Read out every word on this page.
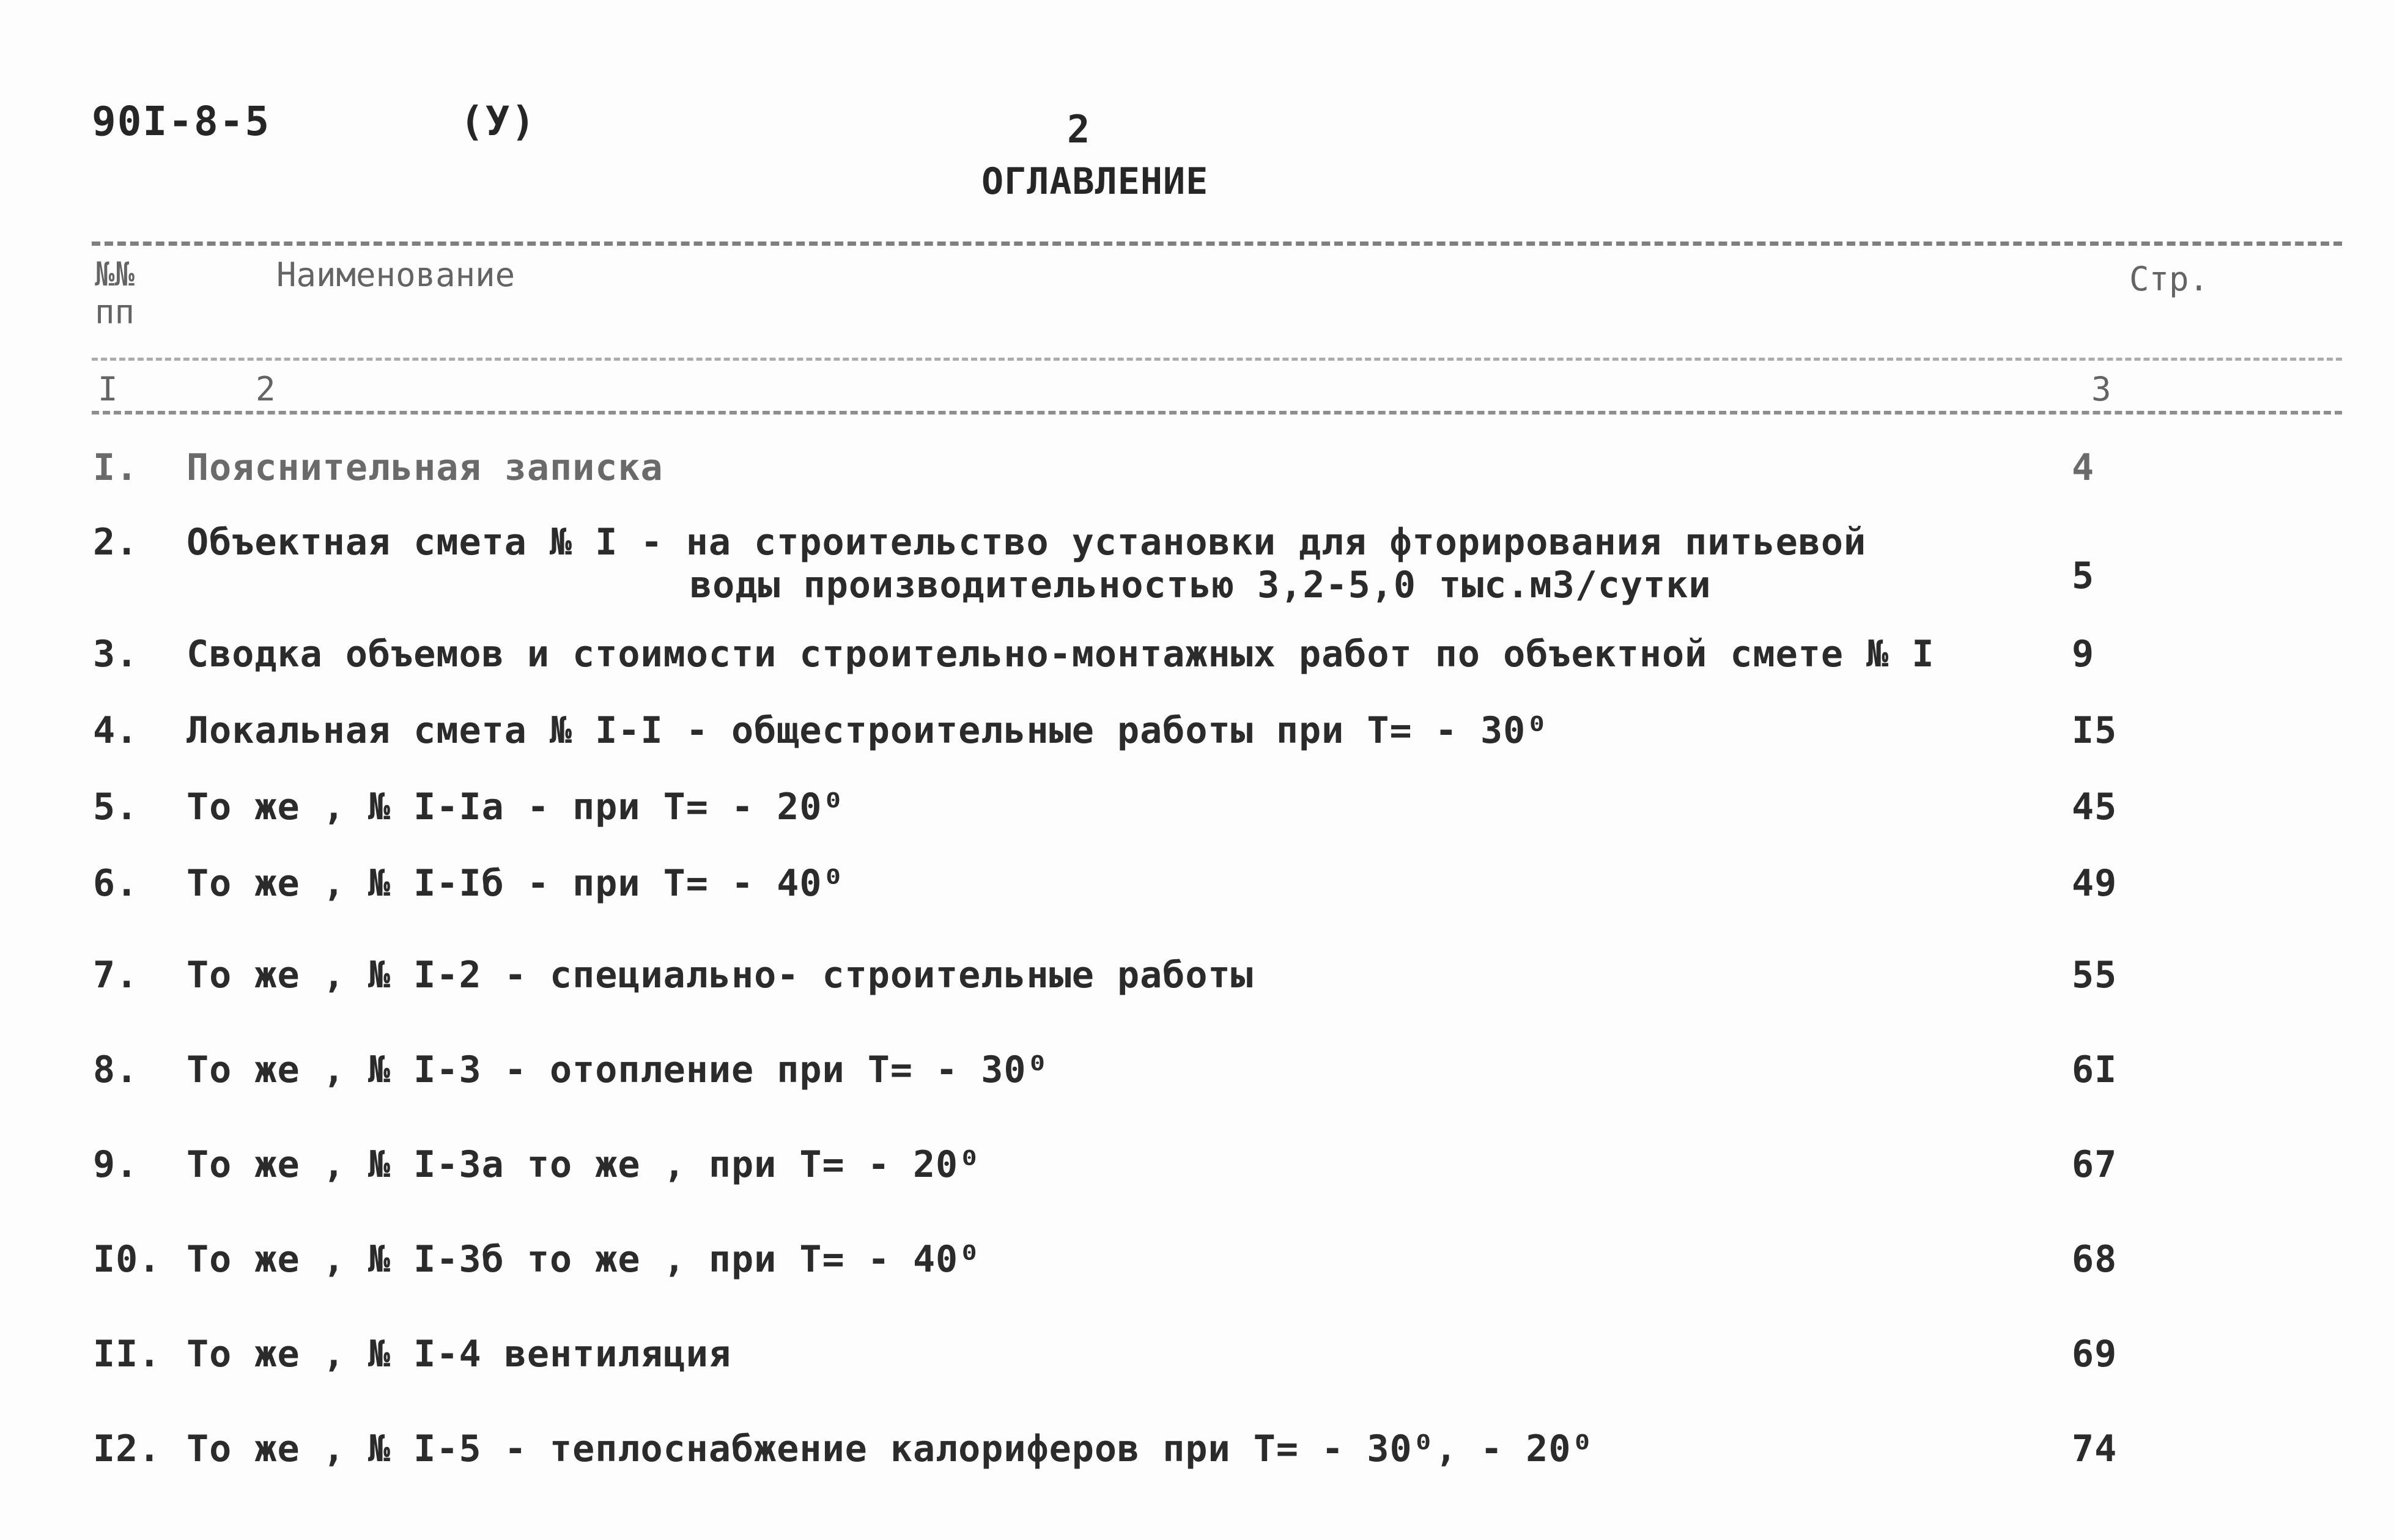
90I-8-5	(У)	2
ОГЛАВЛЕНИЕ
№№ пп
Наименование	Стр.
I	2	3
I. Пояснительная записка	4
2. Объектная смета № I - на строительство установки для фторирования питьевой
воды производительностью 3,2-5,0 тыс.м3/сутки	5
3. Сводка объемов и стоимости строительно-монтажных работ по объектной смете № I	9
4. Локальная смета № I-I - общестроительные работы при Т= - 30⁰	I5
5. То же , № I-Iа - при Т= - 20⁰	45
6. То же , № I-Iб - при Т= - 40⁰	49
7. То же , № I-2 - специально- строительные работы	55
8. То же , № I-3 - отопление при Т= - 30⁰	6I
9. То же , № I-3а то же , при Т= - 20⁰	67
I0. То же , № I-3б то же , при Т= - 40⁰	68
II. То же , № I-4 вентиляция	69
I2. То же , № I-5 - теплоснабжение калориферов при Т= - 30⁰, - 20⁰	74
